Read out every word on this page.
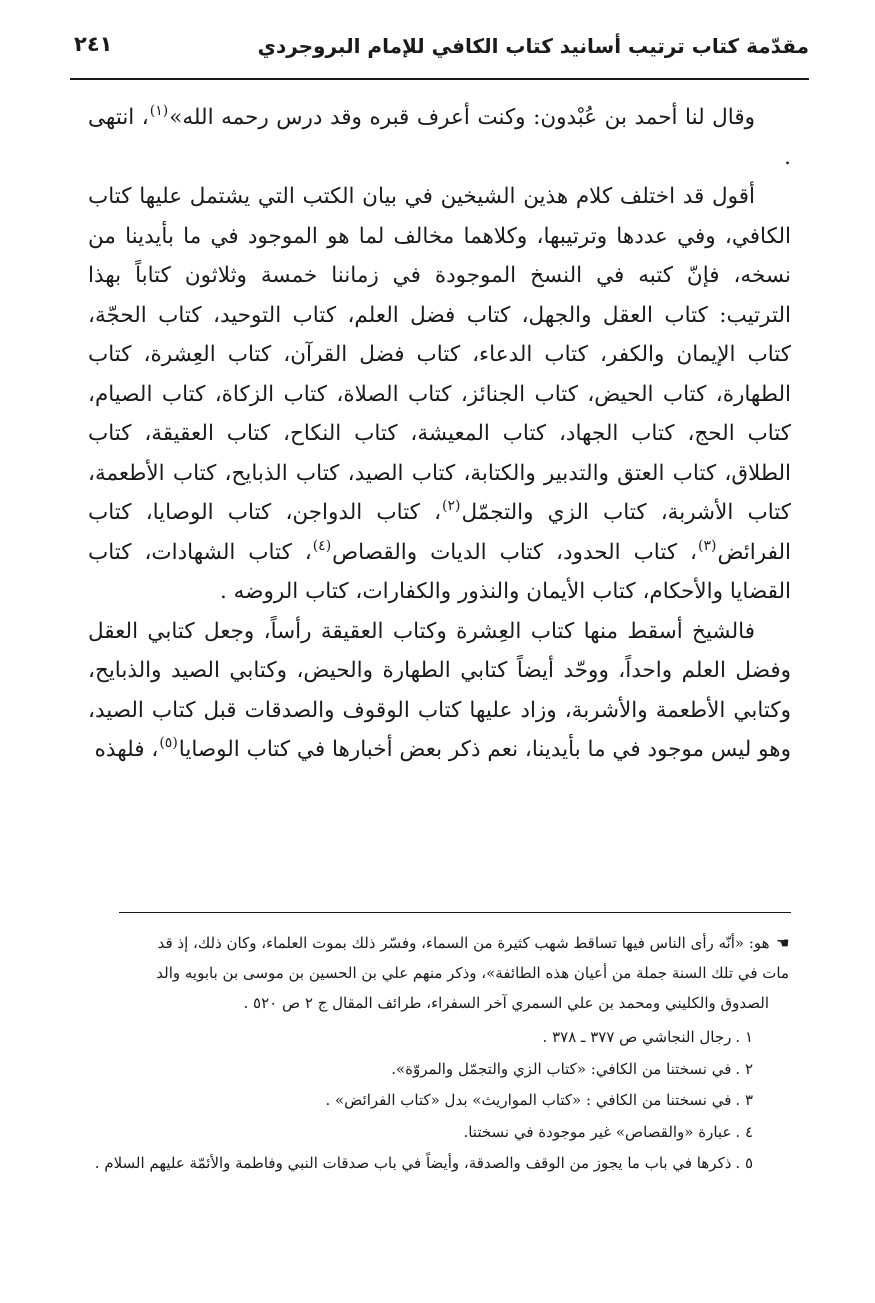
مقدّمة كتاب ترتيب أسانيد كتاب الكافي للإمام البروجردي
٢٤١

وقال لنا أحمد بن عُبْدون: وكنت أعرف قبره وقد درس رحمه الله»$^{(١)}$، انتهى .

أقول قد اختلف كلام هذين الشيخين في بيان الكتب التي يشتمل عليها كتاب الكافي، وفي عددها وترتيبها، وكلاهما مخالف لما هو الموجود في ما بأيدينا من نسخه، فإنّ كتبه في النسخ الموجودة في زماننا خمسة وثلاثون كتاباً بهذا الترتيب: كتاب العقل والجهل، كتاب فضل العلم، كتاب التوحيد، كتاب الحجّة، كتاب الإيمان والكفر، كتاب الدعاء، كتاب فضل القرآن، كتاب العِشرة، كتاب الطهارة، كتاب الحيض، كتاب الجنائز، كتاب الصلاة، كتاب الزكاة، كتاب الصيام، كتاب الحج، كتاب الجهاد، كتاب المعيشة، كتاب النكاح، كتاب العقيقة، كتاب الطلاق، كتاب العتق والتدبير والكتابة، كتاب الصيد، كتاب الذبايح، كتاب الأطعمة، كتاب الأشربة، كتاب الزي والتجمّل$^{(٢)}$، كتاب الدواجن، كتاب الوصايا، كتاب الفرائض$^{(٣)}$، كتاب الحدود، كتاب الديات والقصاص$^{(٤)}$، كتاب الشهادات، كتاب القضايا والأحكام، كتاب الأيمان والنذور والكفارات، كتاب الروضه .

فالشيخ أسقط منها كتاب العِشرة وكتاب العقيقة رأساً، وجعل كتابي العقل وفضل العلم واحداً، ووحّد أيضاً كتابي الطهارة والحيض، وكتابي الصيد والذبايح، وكتابي الأطعمة والأشربة، وزاد عليها كتاب الوقوف والصدقات قبل كتاب الصيد، وهو ليس موجود في ما بأيدينا، نعم ذكر بعض أخبارها في كتاب الوصايا$^{(٥)}$، فلهذه

☛هو: «أنّه رأى الناس فيها تساقط شهب كثيرة من السماء، وفسّر ذلك بموت العلماء، وكان ذلك، إذ قد
مات في تلك السنة جملة من أعيان هذه الطائفة»، وذكر منهم علي بن الحسين بن موسى بن بابويه والد
الصدوق والكليني ومحمد بن علي السمري آخر السفراء، طرائف المقال ج ٢ ص ٥٢٠ .
١ .رجال النجاشي ص ٣٧٧ ـ ٣٧٨ .
٢ .في نسختنا من الكافي: «كتاب الزي والتجمّل والمروّة».
٣ .في نسختنا من الكافي : «كتاب المواريث» بدل «كتاب الفرائض» .
٤ .عبارة «والقصاص» غير موجودة في نسختنا.
٥ .ذكرها في باب ما يجوز من الوقف والصدقة، وأيضاً في باب صدقات النبي وفاطمة والأئمّة عليهم السلام .
